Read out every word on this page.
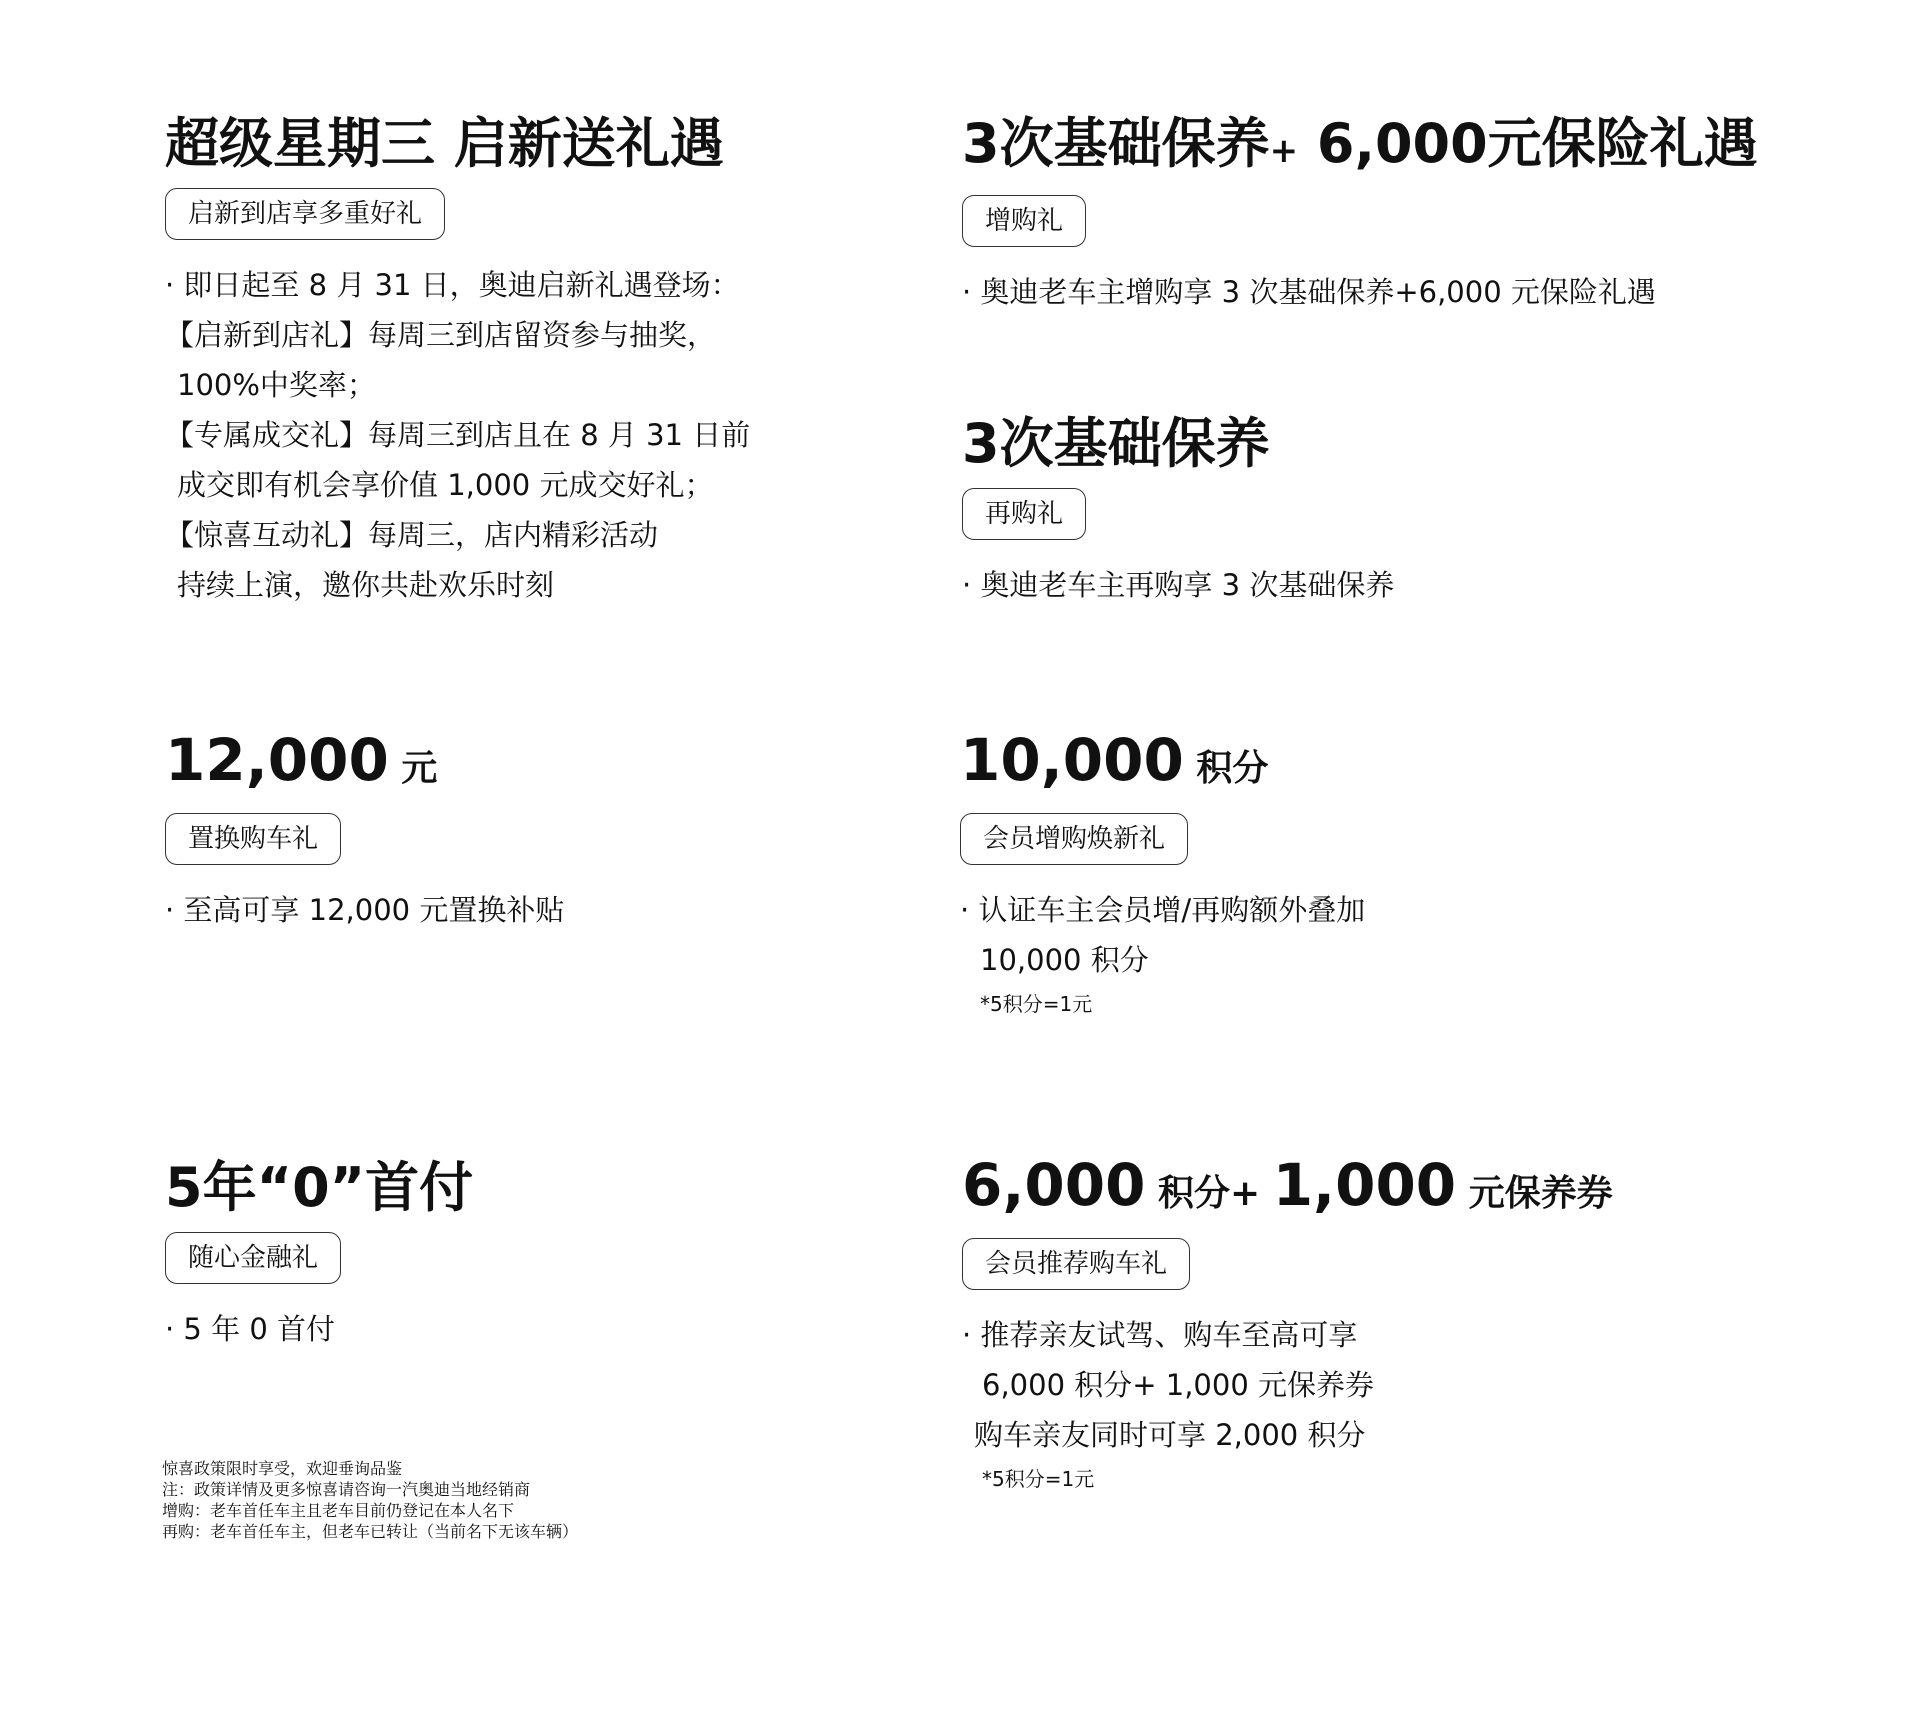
超级星期三 启新送礼遇
启新到店享多重好礼
· 即日起至 8 月 31 日，奥迪启新礼遇登场：
【启新到店礼】每周三到店留资参与抽奖，
100%中奖率；
【专属成交礼】每周三到店且在 8 月 31 日前
成交即有机会享价值 1,000 元成交好礼；
【惊喜互动礼】每周三，店内精彩活动
持续上演，邀你共赴欢乐时刻
3次基础保养+ 6,000元保险礼遇
增购礼
· 奥迪老车主增购享 3 次基础保养+6,000 元保险礼遇
3次基础保养
再购礼
· 奥迪老车主再购享 3 次基础保养
12,000 元
置换购车礼
· 至高可享 12,000 元置换补贴
10,000 积分
会员增购焕新礼
· 认证车主会员增/再购额外叠加
10,000 积分
*5积分=1元
5年“0”首付
随心金融礼
· 5 年 0 首付
6,000 积分+ 1,000 元保养券
会员推荐购车礼
· 推荐亲友试驾、购车至高可享
6,000 积分+ 1,000 元保养券
购车亲友同时可享 2,000 积分
*5积分=1元
惊喜政策限时享受，欢迎垂询品鉴
注：政策详情及更多惊喜请咨询一汽奥迪当地经销商
增购：老车首任车主且老车目前仍登记在本人名下
再购：老车首任车主，但老车已转让（当前名下无该车辆）
